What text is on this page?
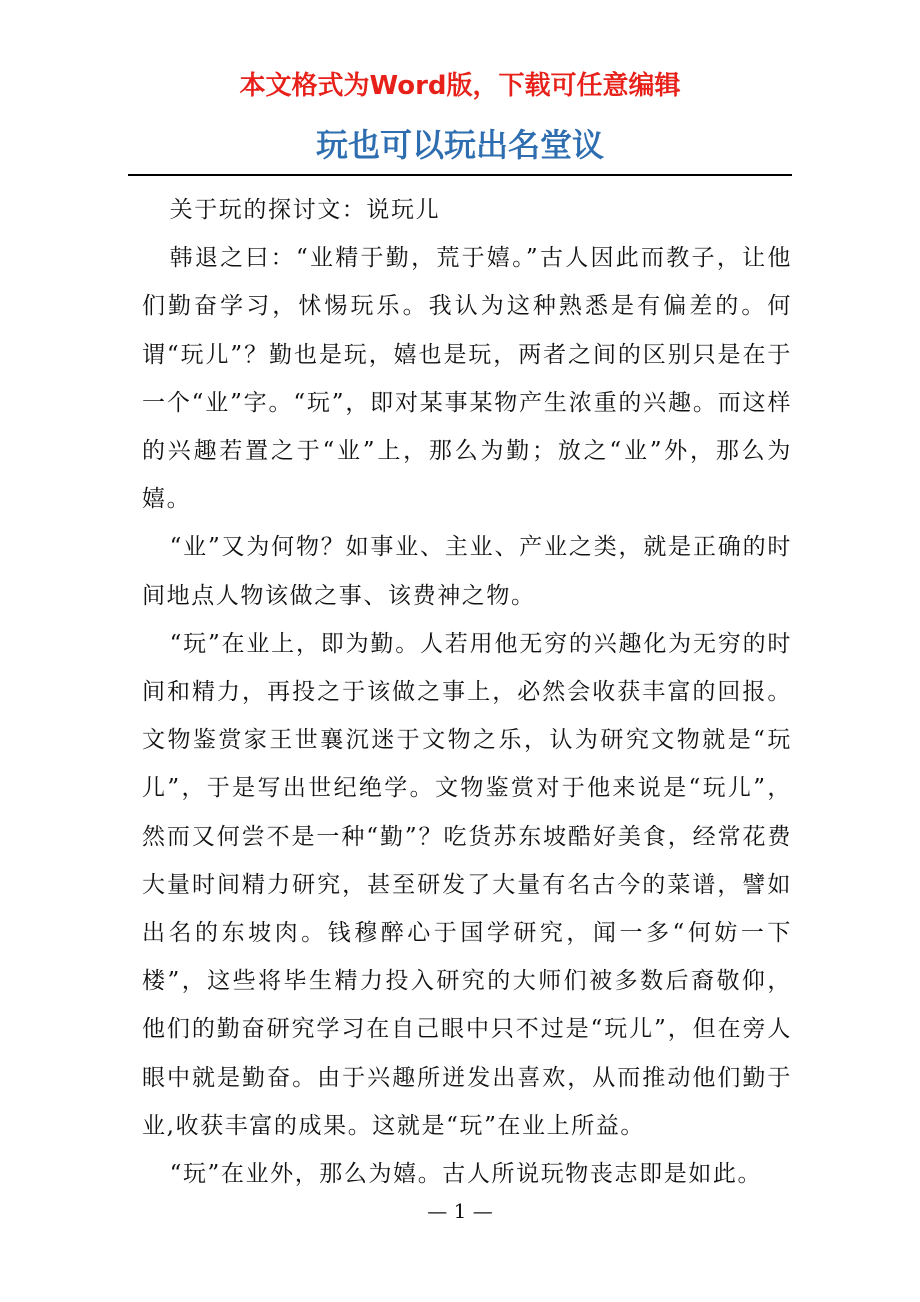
本文格式为Word版，下载可任意编辑
玩也可以玩出名堂议

关于玩的探讨文：说玩儿

韩退之曰：“业精于勤，荒于嬉。”古人因此而教子，让他们勤奋学习，怵惕玩乐。我认为这种熟悉是有偏差的。何谓“玩儿”？勤也是玩，嬉也是玩，两者之间的区别只是在于一个“业”字。“玩”，即对某事某物产生浓重的兴趣。而这样的兴趣若置之于“业”上，那么为勤；放之“业”外，那么为嬉。

“业”又为何物？如事业、主业、产业之类，就是正确的时间地点人物该做之事、该费神之物。

“玩”在业上，即为勤。人若用他无穷的兴趣化为无穷的时间和精力，再投之于该做之事上，必然会收获丰富的回报。文物鉴赏家王世襄沉迷于文物之乐，认为研究文物就是“玩儿”，于是写出世纪绝学。文物鉴赏对于他来说是“玩儿”，然而又何尝不是一种“勤”？吃货苏东坡酷好美食，经常花费大量时间精力研究，甚至研发了大量有名古今的菜谱，譬如出名的东坡肉。钱穆醉心于国学研究，闻一多“何妨一下楼”，这些将毕生精力投入研究的大师们被多数后裔敬仰，他们的勤奋研究学习在自己眼中只不过是“玩儿”，但在旁人眼中就是勤奋。由于兴趣所迸发出喜欢，从而推动他们勤于业,收获丰富的成果。这就是“玩”在业上所益。

“玩”在业外，那么为嬉。古人所说玩物丧志即是如此。

— 1 —
